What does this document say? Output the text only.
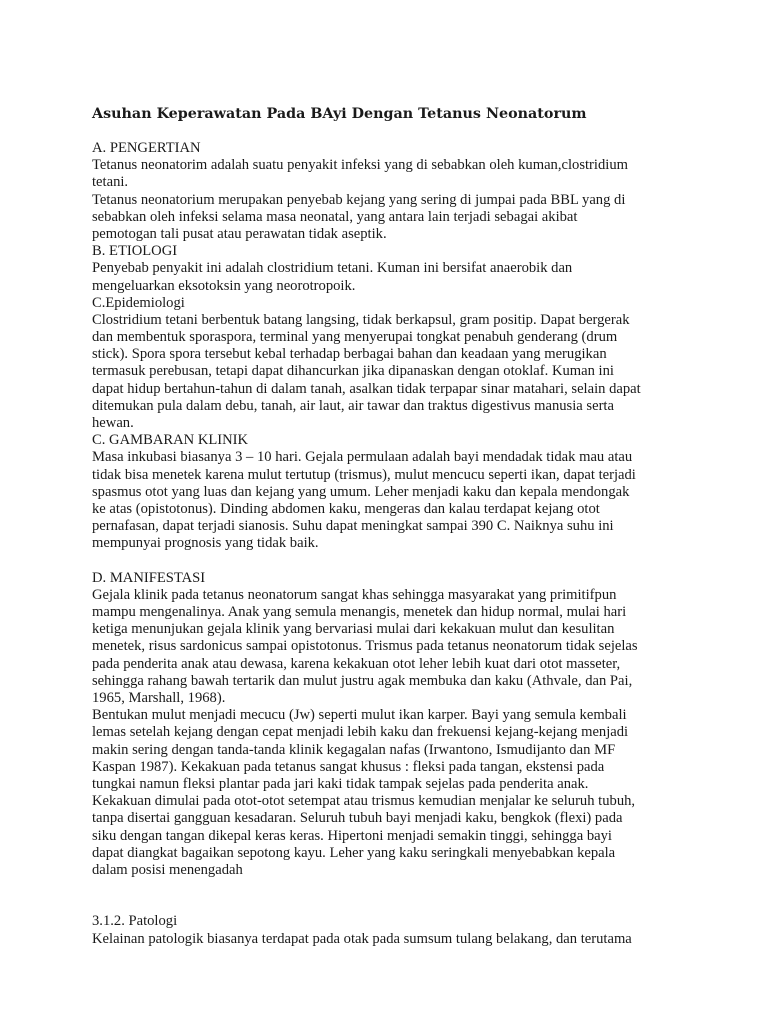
Asuhan Keperawatan Pada BAyi Dengan Tetanus Neonatorum
A. PENGERTIAN
Tetanus neonatorim adalah suatu penyakit infeksi yang di sebabkan oleh kuman,clostridium
tetani.
Tetanus neonatorium merupakan penyebab kejang yang sering di jumpai pada BBL yang di
sebabkan oleh infeksi selama masa neonatal, yang antara lain terjadi sebagai akibat
pemotogan tali pusat atau perawatan tidak aseptik.
B. ETIOLOGI
Penyebab penyakit ini adalah clostridium tetani. Kuman ini bersifat anaerobik dan
mengeluarkan eksotoksin yang neorotropoik.
C.Epidemiologi
Clostridium tetani berbentuk batang langsing, tidak berkapsul, gram positip. Dapat bergerak
dan membentuk sporaspora, terminal yang menyerupai tongkat penabuh genderang (drum
stick). Spora spora tersebut kebal terhadap berbagai bahan dan keadaan yang merugikan
termasuk perebusan, tetapi dapat dihancurkan jika dipanaskan dengan otoklaf. Kuman ini
dapat hidup bertahun-tahun di dalam tanah, asalkan tidak terpapar sinar matahari, selain dapat
ditemukan pula dalam debu, tanah, air laut, air tawar dan traktus digestivus manusia serta
hewan.
C. GAMBARAN KLINIK
Masa inkubasi biasanya 3 – 10 hari. Gejala permulaan adalah bayi mendadak tidak mau atau
tidak bisa menetek karena mulut tertutup (trismus), mulut mencucu seperti ikan, dapat terjadi
spasmus otot yang luas dan kejang yang umum. Leher menjadi kaku dan kepala mendongak
ke atas (opistotonus). Dinding abdomen kaku, mengeras dan kalau terdapat kejang otot
pernafasan, dapat terjadi sianosis. Suhu dapat meningkat sampai 390 C. Naiknya suhu ini
mempunyai prognosis yang tidak baik.
D. MANIFESTASI
Gejala klinik pada tetanus neonatorum sangat khas sehingga masyarakat yang primitifpun
mampu mengenalinya. Anak yang semula menangis, menetek dan hidup normal, mulai hari
ketiga menunjukan gejala klinik yang bervariasi mulai dari kekakuan mulut dan kesulitan
menetek, risus sardonicus sampai opistotonus. Trismus pada tetanus neonatorum tidak sejelas
pada penderita anak atau dewasa, karena kekakuan otot leher lebih kuat dari otot masseter,
sehingga rahang bawah tertarik dan mulut justru agak membuka dan kaku (Athvale, dan Pai,
1965, Marshall, 1968).
Bentukan mulut menjadi mecucu (Jw) seperti mulut ikan karper. Bayi yang semula kembali
lemas setelah kejang dengan cepat menjadi lebih kaku dan frekuensi kejang-kejang menjadi
makin sering dengan tanda-tanda klinik kegagalan nafas (Irwantono, Ismudijanto dan MF
Kaspan 1987). Kekakuan pada tetanus sangat khusus : fleksi pada tangan, ekstensi pada
tungkai namun fleksi plantar pada jari kaki tidak tampak sejelas pada penderita anak.
Kekakuan dimulai pada otot-otot setempat atau trismus kemudian menjalar ke seluruh tubuh,
tanpa disertai gangguan kesadaran. Seluruh tubuh bayi menjadi kaku, bengkok (flexi) pada
siku dengan tangan dikepal keras keras. Hipertoni menjadi semakin tinggi, sehingga bayi
dapat diangkat bagaikan sepotong kayu. Leher yang kaku seringkali menyebabkan kepala
dalam posisi menengadah
3.1.2. Patologi
Kelainan patologik biasanya terdapat pada otak pada sumsum tulang belakang, dan terutama
